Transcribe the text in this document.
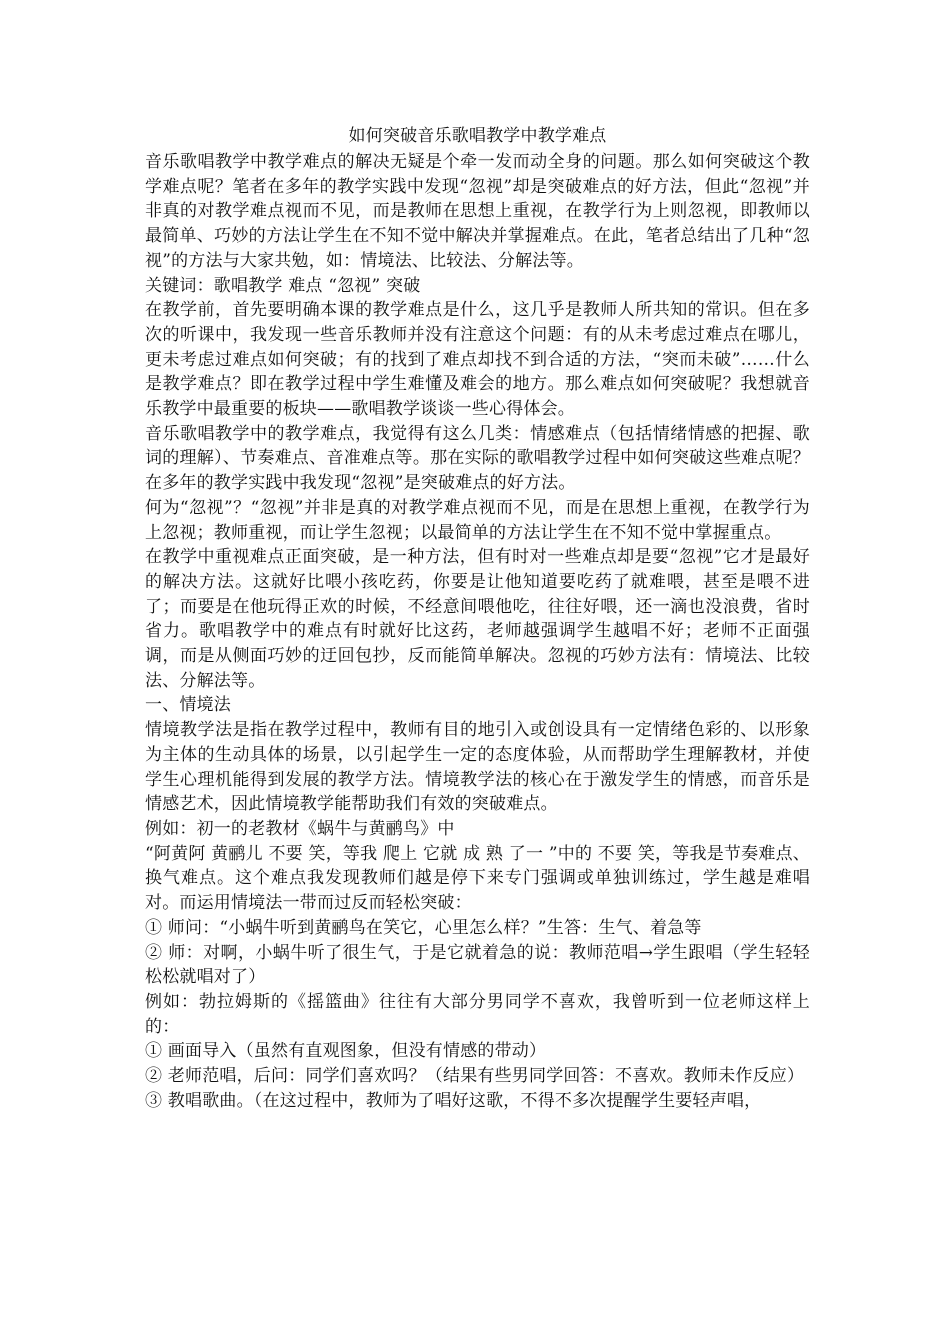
如何突破音乐歌唱教学中教学难点

音乐歌唱教学中教学难点的解决无疑是个牵一发而动全身的问题。那么如何突破这个教学难点呢？笔者在多年的教学实践中发现“忽视”却是突破难点的好方法，但此“忽视”并非真的对教学难点视而不见，而是教师在思想上重视，在教学行为上则忽视，即教师以最简单、巧妙的方法让学生在不知不觉中解决并掌握难点。在此，笔者总结出了几种“忽视”的方法与大家共勉，如：情境法、比较法、分解法等。

关键词：歌唱教学 难点 “忽视” 突破

在教学前，首先要明确本课的教学难点是什么，这几乎是教师人所共知的常识。但在多次的听课中，我发现一些音乐教师并没有注意这个问题：有的从未考虑过难点在哪儿，更未考虑过难点如何突破；有的找到了难点却找不到合适的方法，“突而未破”……什么是教学难点？即在教学过程中学生难懂及难会的地方。那么难点如何突破呢？我想就音乐教学中最重要的板块——歌唱教学谈谈一些心得体会。

音乐歌唱教学中的教学难点，我觉得有这么几类：情感难点（包括情绪情感的把握、歌词的理解）、节奏难点、音准难点等。那在实际的歌唱教学过程中如何突破这些难点呢？在多年的教学实践中我发现“忽视”是突破难点的好方法。

何为“忽视”？“忽视”并非是真的对教学难点视而不见，而是在思想上重视，在教学行为上忽视；教师重视，而让学生忽视；以最简单的方法让学生在不知不觉中掌握重点。

在教学中重视难点正面突破，是一种方法，但有时对一些难点却是要“忽视”它才是最好的解决方法。这就好比喂小孩吃药，你要是让他知道要吃药了就难喂，甚至是喂不进了；而要是在他玩得正欢的时候，不经意间喂他吃，往往好喂，还一滴也没浪费，省时省力。歌唱教学中的难点有时就好比这药，老师越强调学生越唱不好；老师不正面强调，而是从侧面巧妙的迂回包抄，反而能简单解决。忽视的巧妙方法有：情境法、比较法、分解法等。

一、情境法

情境教学法是指在教学过程中，教师有目的地引入或创设具有一定情绪色彩的、以形象为主体的生动具体的场景，以引起学生一定的态度体验，从而帮助学生理解教材，并使学生心理机能得到发展的教学方法。情境教学法的核心在于激发学生的情感，而音乐是情感艺术，因此情境教学能帮助我们有效的突破难点。

例如：初一的老教材《蜗牛与黄鹂鸟》中

“阿黄阿 黄鹂儿 不要 笑，等我 爬上 它就 成 熟 了一 ”中的 不要 笑，等我是节奏难点、换气难点。这个难点我发现教师们越是停下来专门强调或单独训练过，学生越是难唱对。而运用情境法一带而过反而轻松突破：

① 师问：“小蜗牛听到黄鹂鸟在笑它，心里怎么样？”生答：生气、着急等

② 师：对啊，小蜗牛听了很生气，于是它就着急的说：教师范唱→学生跟唱（学生轻轻松松就唱对了）

例如：勃拉姆斯的《摇篮曲》往往有大部分男同学不喜欢，我曾听到一位老师这样上的：

① 画面导入（虽然有直观图象，但没有情感的带动）

② 老师范唱，后问：同学们喜欢吗？（结果有些男同学回答：不喜欢。教师未作反应）

③ 教唱歌曲。（在这过程中，教师为了唱好这歌，不得不多次提醒学生要轻声唱，
